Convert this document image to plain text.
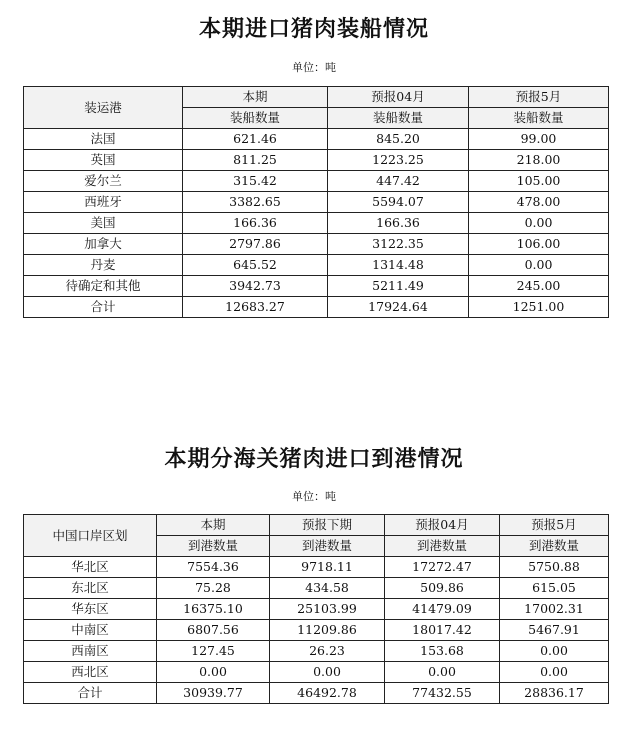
本期进口猪肉装船情况
单位：吨
装运港	本期	预报04月	预报5月
	装船数量	装船数量	装船数量
法国	621.46	845.20	99.00
英国	811.25	1223.25	218.00
爱尔兰	315.42	447.42	105.00
西班牙	3382.65	5594.07	478.00
美国	166.36	166.36	0.00
加拿大	2797.86	3122.35	106.00
丹麦	645.52	1314.48	0.00
待确定和其他	3942.73	5211.49	245.00
合计	12683.27	17924.64	1251.00
本期分海关猪肉进口到港情况
单位：吨
中国口岸区划	本期	预报下期	预报04月	预报5月
	到港数量	到港数量	到港数量	到港数量
华北区	7554.36	9718.11	17272.47	5750.88
东北区	75.28	434.58	509.86	615.05
华东区	16375.10	25103.99	41479.09	17002.31
中南区	6807.56	11209.86	18017.42	5467.91
西南区	127.45	26.23	153.68	0.00
西北区	0.00	0.00	0.00	0.00
合计	30939.77	46492.78	77432.55	28836.17
